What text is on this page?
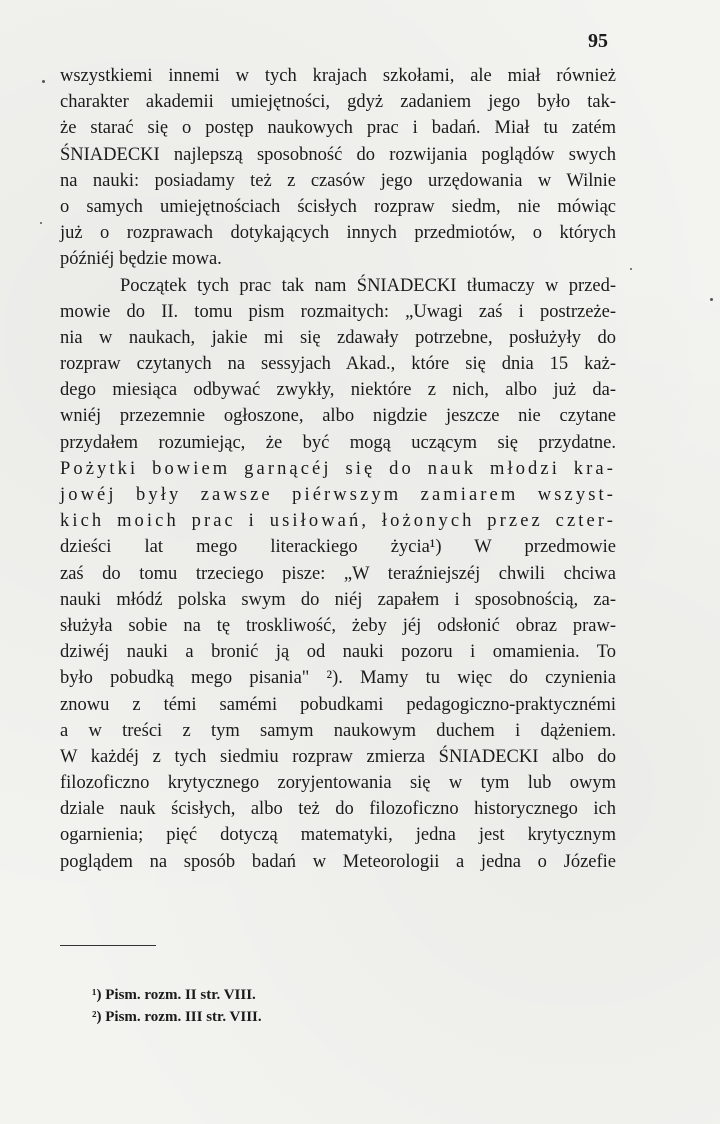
95
wszystkiemi innemi w tych krajach szkołami, ale miał również
charakter akademii umiejętności, gdyż zadaniem jego było tak-
że starać się o postęp naukowych prac i badań. Miał tu zatém
ŚNIADECKI najlepszą sposobność do rozwijania poglądów swych
na nauki: posiadamy też z czasów jego urzędowania w Wilnie
o samych umiejętnościach ścisłych rozpraw siedm, nie mówiąc
już o rozprawach dotykających innych przedmiotów, o których
późniéj będzie mowa.
Początek tych prac tak nam ŚNIADECKI tłumaczy w przed-
mowie do II. tomu pism rozmaitych: „Uwagi zaś i postrzeże-
nia w naukach, jakie mi się zdawały potrzebne, posłużyły do
rozpraw czytanych na sessyjach Akad., które się dnia 15 każ-
dego miesiąca odbywać zwykły, niektóre z nich, albo już da-
wniéj przezemnie ogłoszone, albo nigdzie jeszcze nie czytane
przydałem rozumiejąc, że być mogą uczącym się przydatne.
Pożytki bowiem garnącéj się do nauk młodzi kra-
jowéj były zawsze piérwszym zamiarem wszyst-
kich moich prac i usiłowań, łożonych przez czter-
dzieści lat mego literackiego życia¹) W przedmowie
zaś do tomu trzeciego pisze: „W teraźniejszéj chwili chciwa
nauki młódź polska swym do niéj zapałem i sposobnością, za-
służyła sobie na tę troskliwość, żeby jéj odsłonić obraz praw-
dziwéj nauki a bronić ją od nauki pozoru i omamienia. To
było pobudką mego pisania" ²). Mamy tu więc do czynienia
znowu z témi samémi pobudkami pedagogiczno-praktycznémi
a w treści z tym samym naukowym duchem i dążeniem.
W każdéj z tych siedmiu rozpraw zmierza ŚNIADECKI albo do
filozoficzno krytycznego zoryjentowania się w tym lub owym
dziale nauk ścisłych, albo też do filozoficzno historycznego ich
ogarnienia; pięć dotyczą matematyki, jedna jest krytycznym
poglądem na sposób badań w Meteorologii a jedna o Józefie
¹) Pism. rozm. II str. VIII.
²) Pism. rozm. III str. VIII.
